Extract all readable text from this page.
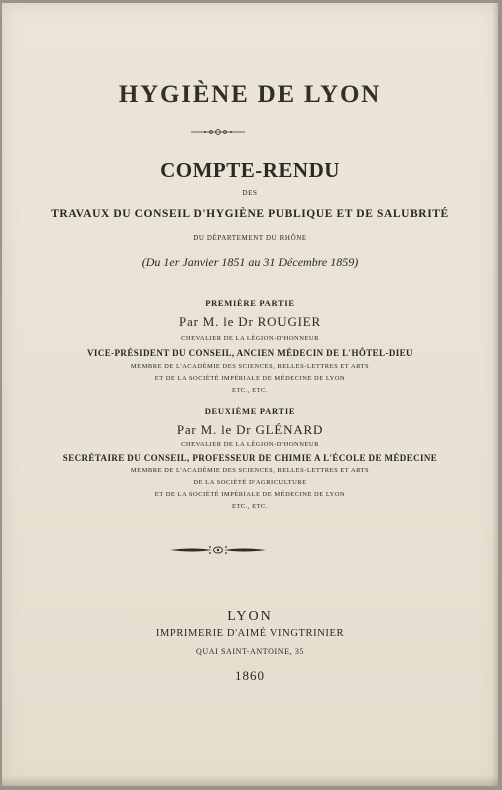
HYGIÈNE DE LYON
COMPTE-RENDU
DES
TRAVAUX DU CONSEIL D'HYGIÈNE PUBLIQUE ET DE SALUBRITÉ
DU DÉPARTEMENT DU RHÔNE
(Du 1er Janvier 1851 au 31 Décembre 1859)
PREMIÈRE PARTIE
Par M. le Dr ROUGIER
CHEVALIER DE LA LÉGION-D'HONNEUR
VICE-PRÉSIDENT DU CONSEIL, ANCIEN MÉDECIN DE L'HÔTEL-DIEU
MEMBRE DE L'ACADÉMIE DES SCIENCES, BELLES-LETTRES ET ARTS
ET DE LA SOCIÉTÉ IMPÉRIALE DE MÉDECINE DE LYON
ETC., ETC.
DEUXIÈME PARTIE
Par M. le Dr GLÉNARD
CHEVALIER DE LA LÉGION-D'HONNEUR
SECRÉTAIRE DU CONSEIL, PROFESSEUR DE CHIMIE A L'ÉCOLE DE MÉDECINE
MEMBRE DE L'ACADÉMIE DES SCIENCES, BELLES-LETTRES ET ARTS
DE LA SOCIÉTÉ D'AGRICULTURE
ET DE LA SOCIÉTÉ IMPÉRIALE DE MÉDECINE DE LYON
ETC., ETC.
LYON
IMPRIMERIE D'AIMÉ VINGTRINIER
QUAI SAINT-ANTOINE, 35
1860
